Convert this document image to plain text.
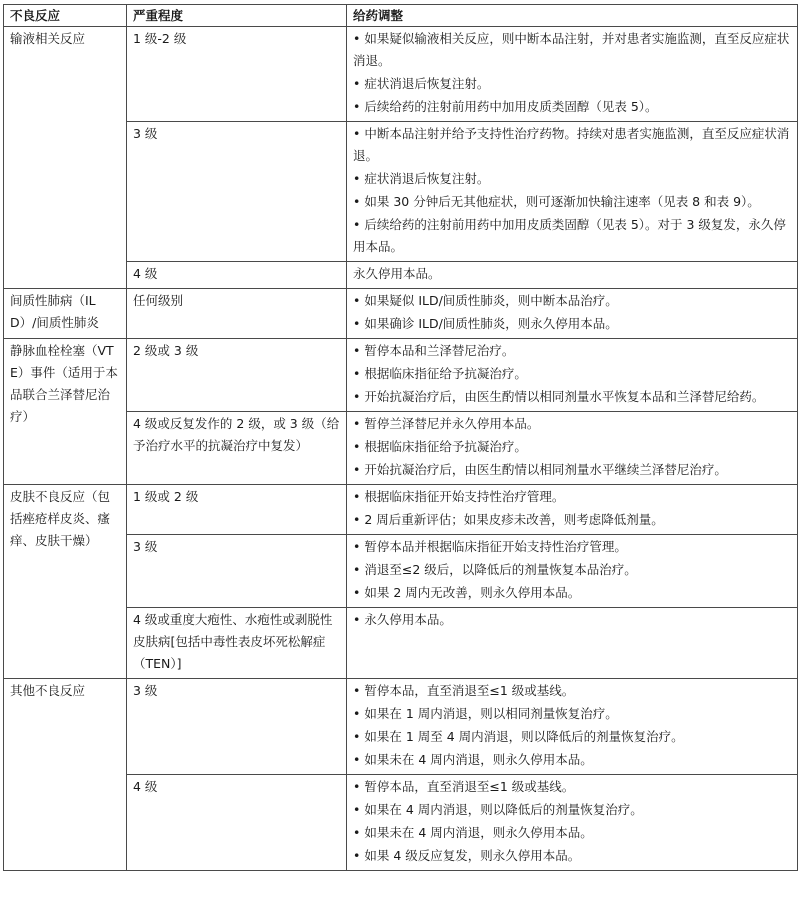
不良反应	严重程度	给药调整
输液相关反应	1 级-2 级	• 如果疑似输液相关反应，则中断本品注射，并对患者实施监测，直至反应症状消退。
• 症状消退后恢复注射。
• 后续给药的注射前用药中加用皮质类固醇（见表 5）。

	3 级	• 中断本品注射并给予支持性治疗药物。持续对患者实施监测，直至反应症状消退。
• 症状消退后恢复注射。
• 如果 30 分钟后无其他症状，则可逐渐加快输注速率（见表 8 和表 9）。
• 后续给药的注射前用药中加用皮质类固醇（见表 5）。对于 3 级复发，永久停用本品。

	4 级	永久停用本品。

间质性肺病（ILD）/间质性肺炎	任何级别	• 如果疑似 ILD/间质性肺炎，则中断本品治疗。
• 如果确诊 ILD/间质性肺炎，则永久停用本品。

静脉血栓栓塞（VTE）事件（适用于本品联合兰泽替尼治疗）	2 级或 3 级	• 暂停本品和兰泽替尼治疗。
• 根据临床指征给予抗凝治疗。
• 开始抗凝治疗后，由医生酌情以相同剂量水平恢复本品和兰泽替尼给药。

	4 级或反复发作的 2 级，或 3 级（给予治疗水平的抗凝治疗中复发）	• 暂停兰泽替尼并永久停用本品。
• 根据临床指征给予抗凝治疗。
• 开始抗凝治疗后，由医生酌情以相同剂量水平继续兰泽替尼治疗。

皮肤不良反应（包括痤疮样皮炎、瘙痒、皮肤干燥）	1 级或 2 级	• 根据临床指征开始支持性治疗管理。
• 2 周后重新评估；如果皮疹未改善，则考虑降低剂量。

	3 级	• 暂停本品并根据临床指征开始支持性治疗管理。
• 消退至≤2 级后，以降低后的剂量恢复本品治疗。
• 如果 2 周内无改善，则永久停用本品。

	4 级或重度大疱性、水疱性或剥脱性皮肤病[包括中毒性表皮坏死松解症（TEN）]	• 永久停用本品。

其他不良反应	3 级	• 暂停本品，直至消退至≤1 级或基线。
• 如果在 1 周内消退，则以相同剂量恢复治疗。
• 如果在 1 周至 4 周内消退，则以降低后的剂量恢复治疗。
• 如果未在 4 周内消退，则永久停用本品。

	4 级	• 暂停本品，直至消退至≤1 级或基线。
• 如果在 4 周内消退，则以降低后的剂量恢复治疗。
• 如果未在 4 周内消退，则永久停用本品。
• 如果 4 级反应复发，则永久停用本品。
